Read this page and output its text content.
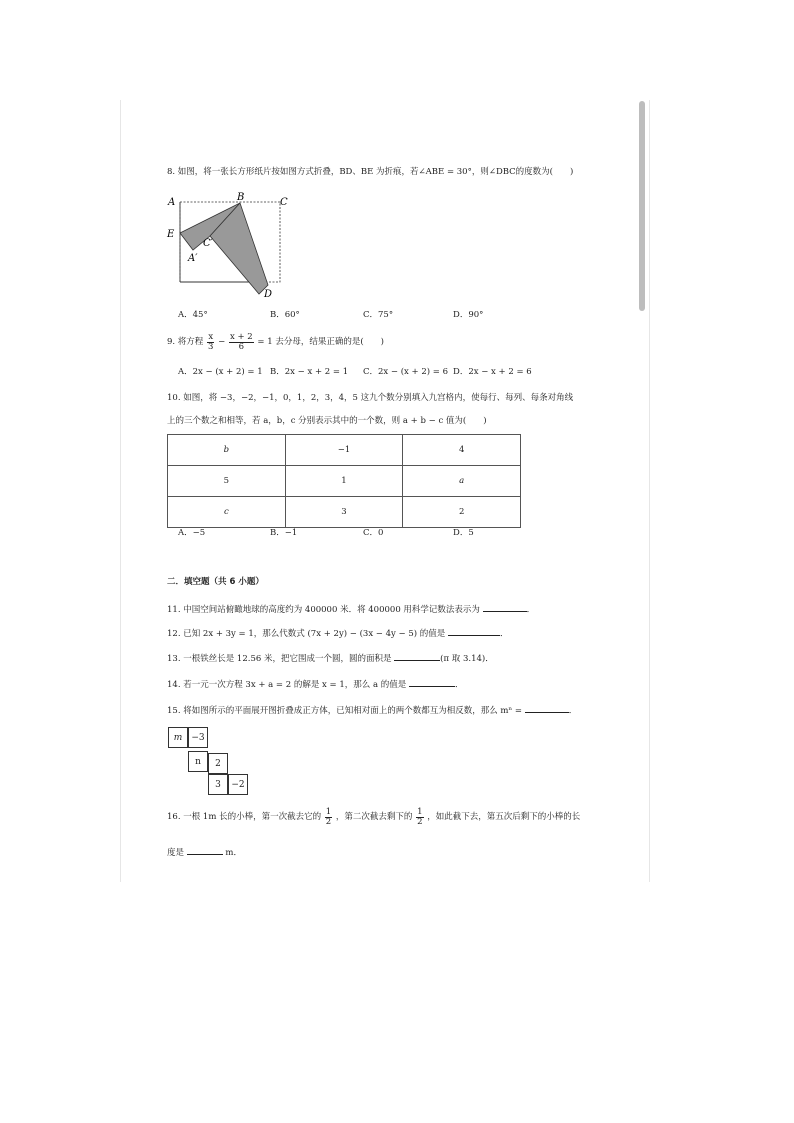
8. 如图，将一张长方形纸片按如图方式折叠，BD、BE 为折痕，若∠ABE = 30°，则∠DBC的度数为(　　)
A	B	C
E
C′
A′
D
A．45°	B．60°	C．75°	D．90°
9. 将方程 $\frac{x}{3} - \frac{x + 2}{6} = 1$ 去分母，结果正确的是(　　)
A．2x − (x + 2) = 1 B．2x − x + 2 = 1 C．2x − (x + 2) = 6 D．2x − x + 2 = 6
10. 如图，将 −3，−2，−1，0，1，2，3，4，5 这九个数分别填入九宫格内，使每行、每列、每条对角线
上的三个数之和相等，若 a，b，c 分别表示其中的一个数，则 a + b − c 值为(　　)
b	−1	4
5	1	a
c	3	2
A．−5	B．−1	C．0	D．5
二．填空题（共 6 小题）
11. 中国空间站俯瞰地球的高度约为 400000 米．将 400000 用科学记数法表示为	．
12. 已知 2x + 3y = 1，那么代数式 (7x + 2y) − (3x − 4y − 5) 的值是	．
13. 一根铁丝长是 12.56 米，把它围成一个圆，圆的面积是	(π 取 3.14)．
14. 若一元一次方程 3x + a = 2 的解是 x = 1，那么 a 的值是	．
15. 将如图所示的平面展开图折叠成正方体，已知相对面上的两个数都互为相反数，那么 mⁿ =	．
m	−3
n	2
3	−2
16. 一根 1m 长的小棒，第一次截去它的 $\frac{1}{2}$ ，第二次截去剩下的 $\frac{1}{2}$ ，如此截下去，第五次后剩下的小棒的长
度是	m．
